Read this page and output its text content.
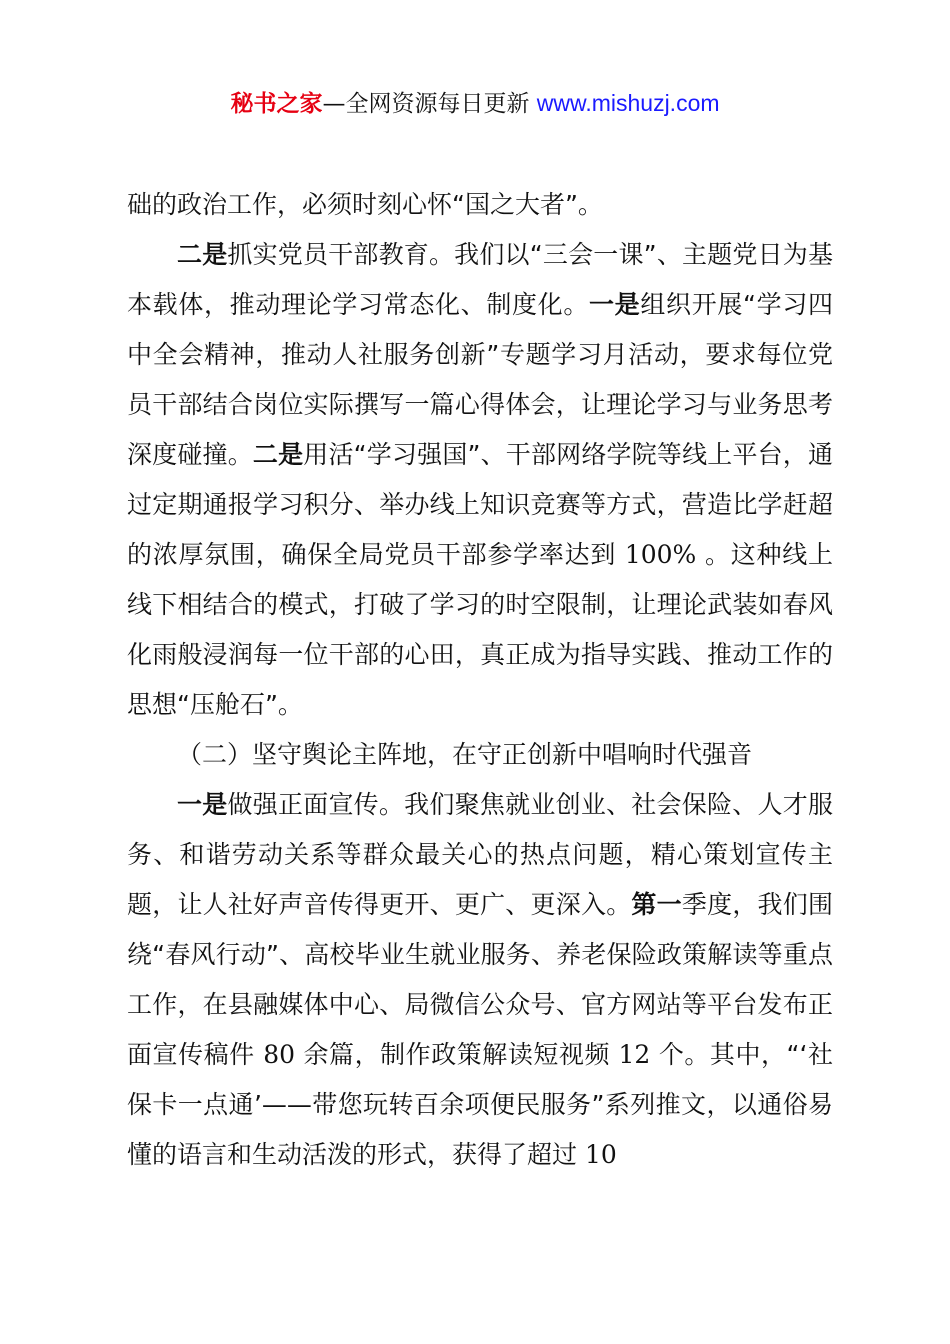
秘书之家—全网资源每日更新 www.mishuzj.com

础的政治工作，必须时刻心怀“国之大者”。

二是抓实党员干部教育。我们以“三会一课”、主题党日为基本载体，推动理论学习常态化、制度化。一是组织开展“学习四中全会精神，推动人社服务创新”专题学习月活动，要求每位党员干部结合岗位实际撰写一篇心得体会，让理论学习与业务思考深度碰撞。二是用活“学习强国”、干部网络学院等线上平台，通过定期通报学习积分、举办线上知识竞赛等方式，营造比学赶超的浓厚氛围，确保全局党员干部参学率达到 100% 。这种线上线下相结合的模式，打破了学习的时空限制，让理论武装如春风化雨般浸润每一位干部的心田，真正成为指导实践、推动工作的思想“压舱石”。

（二）坚守舆论主阵地，在守正创新中唱响时代强音

一是做强正面宣传。我们聚焦就业创业、社会保险、人才服务、和谐劳动关系等群众最关心的热点问题，精心策划宣传主题，让人社好声音传得更开、更广、更深入。第一季度，我们围绕“春风行动”、高校毕业生就业服务、养老保险政策解读等重点工作，在县融媒体中心、局微信公众号、官方网站等平台发布正面宣传稿件 80 余篇，制作政策解读短视频 12 个。其中，“‘社保卡一点通’——带您玩转百余项便民服务”系列推文，以通俗易懂的语言和生动活泼的形式，获得了超过 10
